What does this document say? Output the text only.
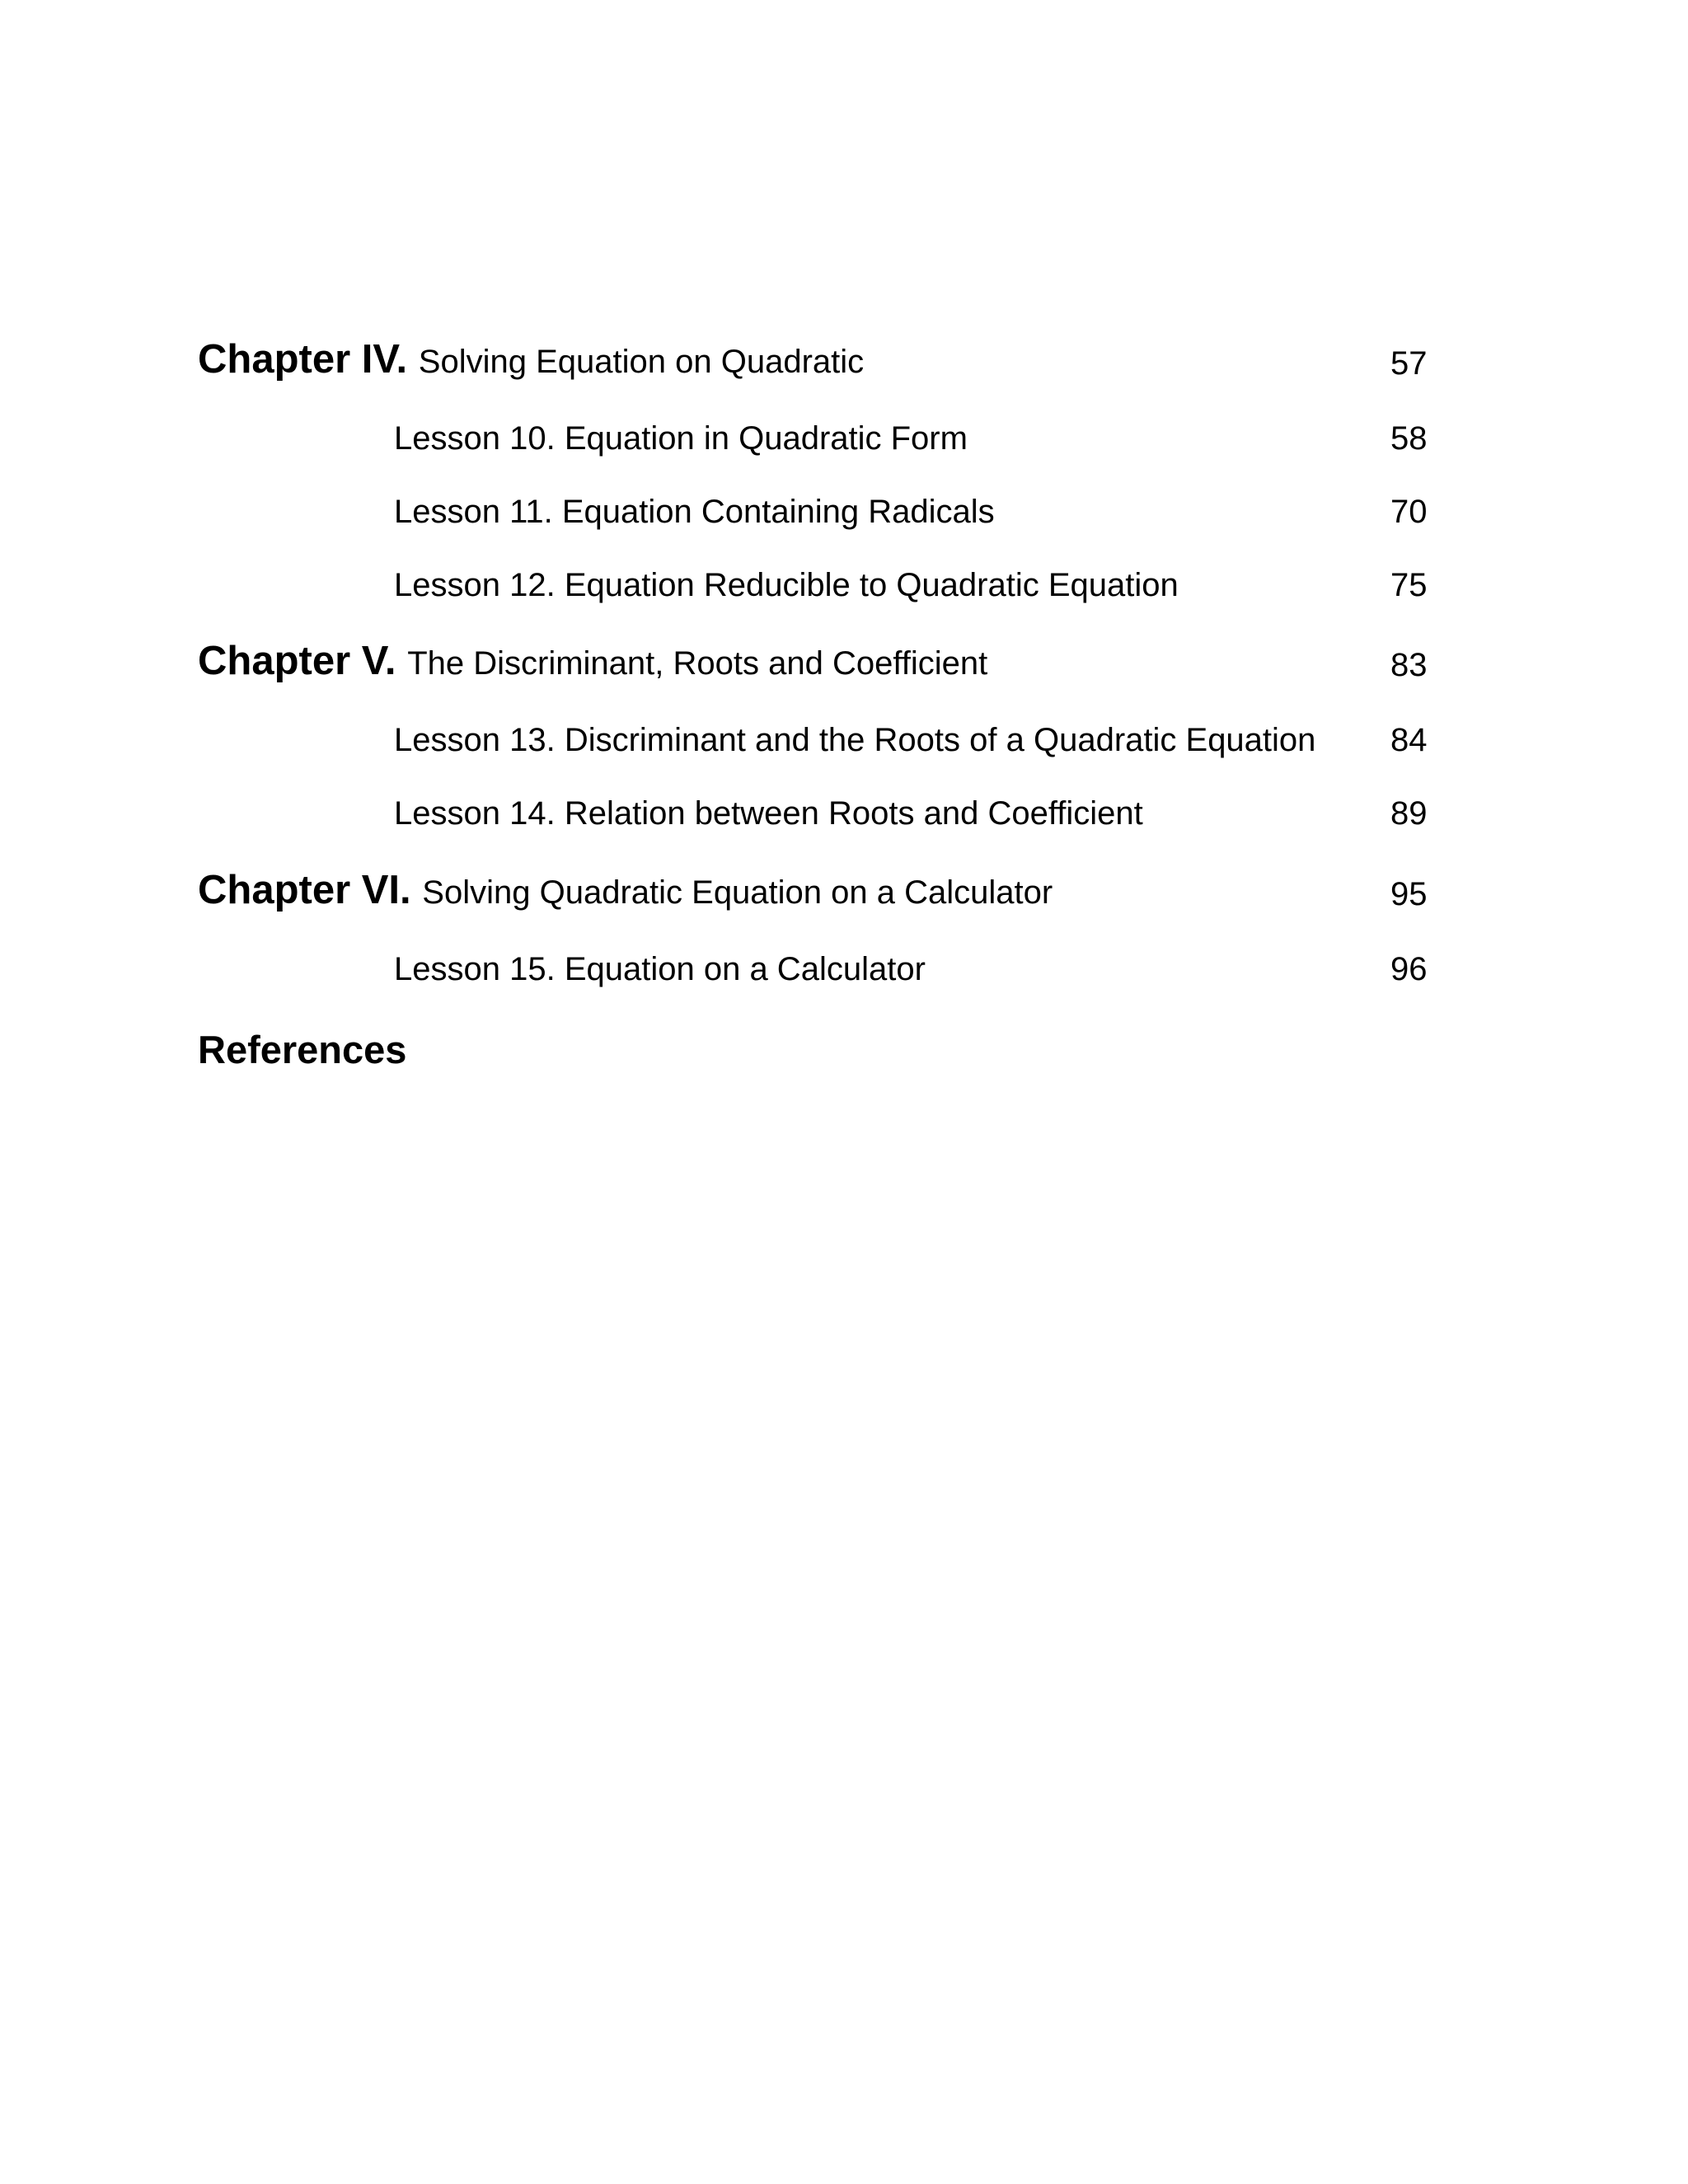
Chapter IV. Solving Equation on Quadratic	57
Lesson 10. Equation in Quadratic Form	58
Lesson 11. Equation Containing Radicals	70
Lesson 12. Equation Reducible to Quadratic Equation	75
Chapter V. The Discriminant, Roots and Coefficient	83
Lesson 13. Discriminant and the Roots of a Quadratic Equation 84
Lesson 14. Relation between Roots and Coefficient	89
Chapter VI. Solving Quadratic Equation on a Calculator	95
Lesson 15. Equation on a Calculator	96
References
